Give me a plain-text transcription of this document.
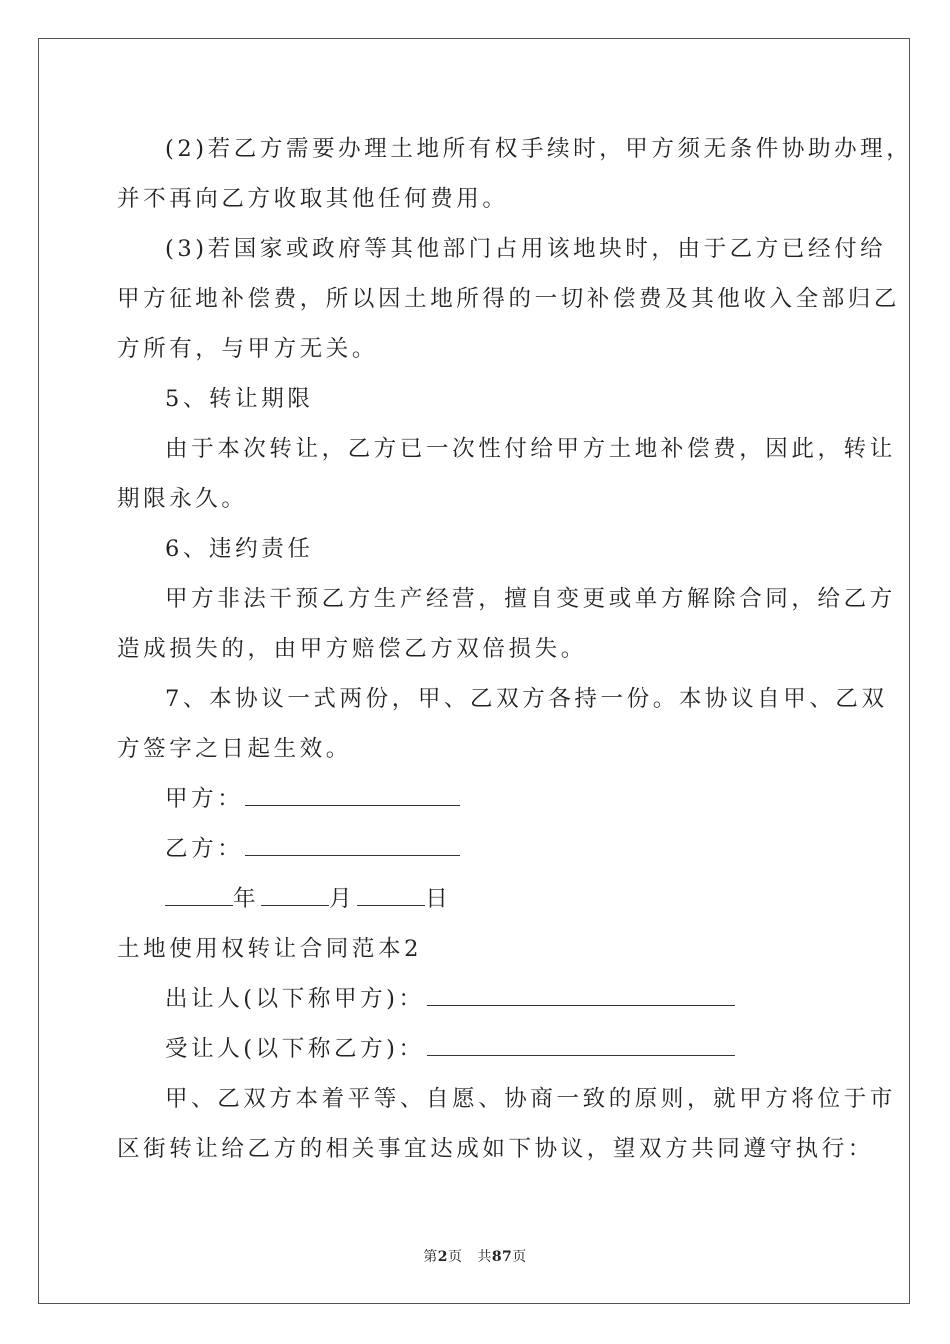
(2)若乙方需要办理土地所有权手续时，甲方须无条件协助办理，
并不再向乙方收取其他任何费用。
(3)若国家或政府等其他部门占用该地块时，由于乙方已经付给
甲方征地补偿费，所以因土地所得的一切补偿费及其他收入全部归乙
方所有，与甲方无关。
5、转让期限
由于本次转让，乙方已一次性付给甲方土地补偿费，因此，转让
期限永久。
6、违约责任
甲方非法干预乙方生产经营，擅自变更或单方解除合同，给乙方
造成损失的，由甲方赔偿乙方双倍损失。
7、本协议一式两份，甲、乙双方各持一份。本协议自甲、乙双
方签字之日起生效。
甲方：
乙方：
年	月	日
土地使用权转让合同范本2
出让人(以下称甲方)：
受让人(以下称乙方)：
甲、乙双方本着平等、自愿、协商一致的原则，就甲方将位于市
区街转让给乙方的相关事宜达成如下协议，望双方共同遵守执行：
第2页 共87页
